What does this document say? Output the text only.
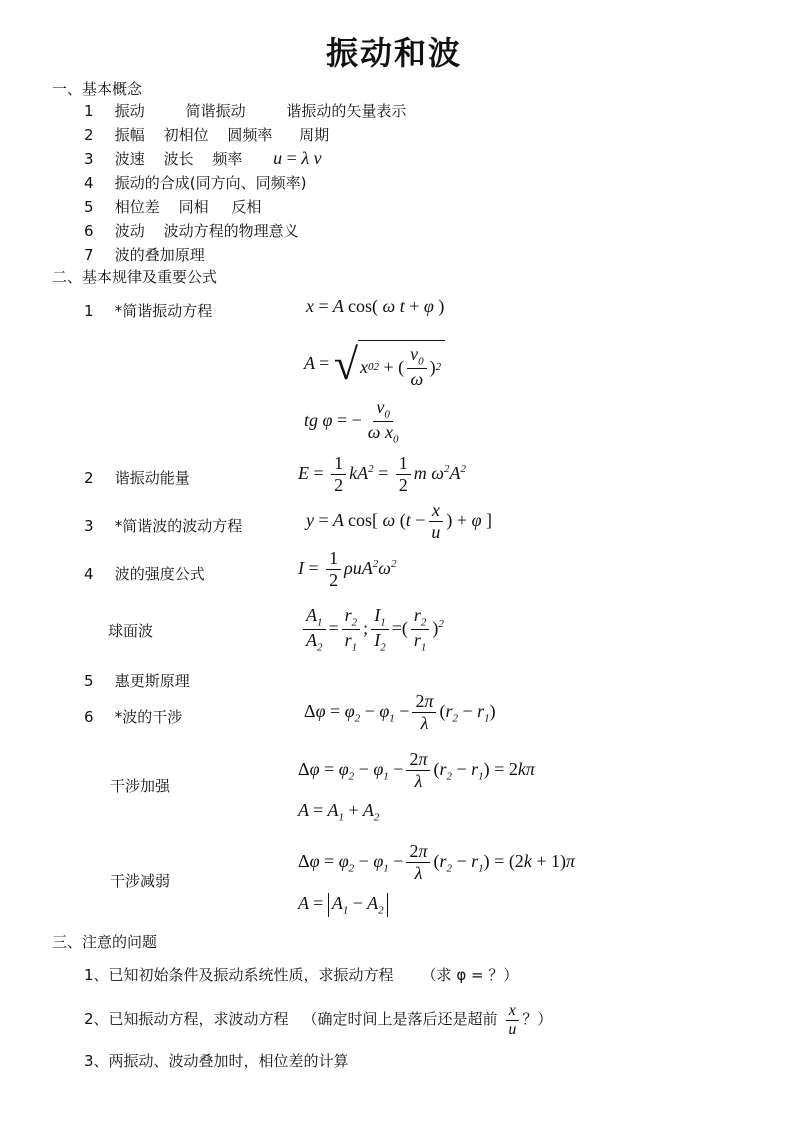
振动和波
一、基本概念
1 振动	简谐振动	谐振动的矢量表示
2 振幅 初相位 圆频率 周期
3 波速 波长 频率 u = λ v
4 振动的合成(同方向、同频率)
5 相位差 同相 反相
6 波动 波动方程的物理意义
7 波的叠加原理
二、基本规律及重要公式
1 *简谐振动方程	x = A cos( ω t + φ )
A = √ x 0 2
+ ( $\frac{v_0}{\omega}$ ) 2
tg φ = − $\frac{v_0}{\omega x_0}$
2 谐振动能量	$E = \frac{1}{2} kA^2 = \frac{1}{2}$ m $\omega^2A^2$
3 *简谐波的波动方程	y = A cos[ ω ($t - \frac{x}{u}$ ) + φ ]
4 波的强度公式	$I = \frac{1}{2} \rho uA^2\omega^2$
球面波	$\frac{A_1}{A_2} = \frac{r_2}{r_1}$ ; $\frac{I_1}{I_2}$ =( $\frac{r_2}{r_1} )^2$
5 惠更斯原理
6 *波的干涉	$\Delta\varphi = \varphi_2 - \varphi_1 - \frac{2\pi}{\lambda} (r_2 - r_1)$
干涉加强
$\Delta\varphi = \varphi_2 - \varphi_1 - \frac{2\pi}{\lambda} (r_2 - r_1) = 2k\pi$
$A = A_1 + A_2$
干涉减弱
$\Delta\varphi = \varphi_2 - \varphi_1 - \frac{2\pi}{\lambda} (r_2 - r_1) = (2k + 1)\pi$
$A = A_1 - A_2$
三、注意的问题
1、已知初始条件及振动系统性质，求振动方程 （求 φ = ？）
2、已知振动方程，求波动方程 （确定时间上是落后还是超前 $\frac{x}{u}$ ？）
3、两振动、波动叠加时，相位差的计算
